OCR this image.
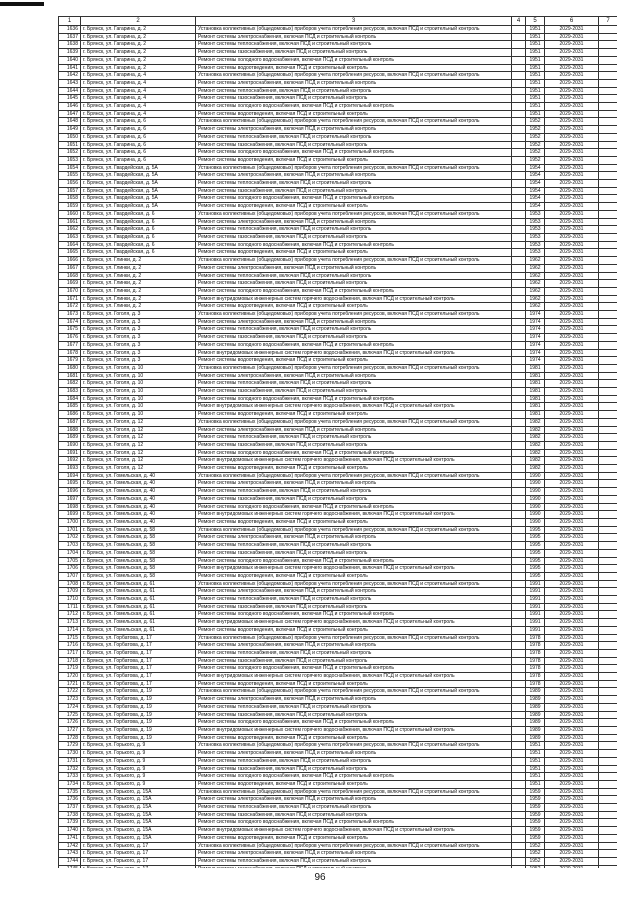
1	2	3	4	5	6	7
1636	г. Брянск, ул. Гагарина, д. 2	Установка коллективных (общедомовых) приборов учета потребления ресурсов, включая ПСД и строительный контроль		1951	2029-2031	
1637	г. Брянск, ул. Гагарина, д. 2	Ремонт системы электроснабжения, включая ПСД и строительный контроль		1951	2029-2031	
1638	г. Брянск, ул. Гагарина, д. 2	Ремонт системы теплоснабжения, включая ПСД и строительный контроль		1951	2029-2031	
1639	г. Брянск, ул. Гагарина, д. 2	Ремонт системы газоснабжения, включая ПСД и строительный контроль		1951	2029-2031	
1640	г. Брянск, ул. Гагарина, д. 2	Ремонт системы холодного водоснабжения, включая ПСД и строительный контроль		1951	2029-2031	
1641	г. Брянск, ул. Гагарина, д. 2	Ремонт системы водоотведения, включая ПСД и строительный контроль		1951	2029-2031	
1642	г. Брянск, ул. Гагарина, д. 4	Установка коллективных (общедомовых) приборов учета потребления ресурсов, включая ПСД и строительный контроль		1951	2029-2031	
1643	г. Брянск, ул. Гагарина, д. 4	Ремонт системы электроснабжения, включая ПСД и строительный контроль		1951	2029-2031	
1644	г. Брянск, ул. Гагарина, д. 4	Ремонт системы теплоснабжения, включая ПСД и строительный контроль		1951	2029-2031	
1645	г. Брянск, ул. Гагарина, д. 4	Ремонт системы газоснабжения, включая ПСД и строительный контроль		1951	2029-2031	
1646	г. Брянск, ул. Гагарина, д. 4	Ремонт системы холодного водоснабжения, включая ПСД и строительный контроль		1951	2029-2031	
1647	г. Брянск, ул. Гагарина, д. 4	Ремонт системы водоотведения, включая ПСД и строительный контроль		1951	2029-2031	
1648	г. Брянск, ул. Гагарина, д. 6	Установка коллективных (общедомовых) приборов учета потребления ресурсов, включая ПСД и строительный контроль		1952	2029-2031	
1649	г. Брянск, ул. Гагарина, д. 6	Ремонт системы электроснабжения, включая ПСД и строительный контроль		1952	2029-2031	
1650	г. Брянск, ул. Гагарина, д. 6	Ремонт системы теплоснабжения, включая ПСД и строительный контроль		1952	2029-2031	
1651	г. Брянск, ул. Гагарина, д. 6	Ремонт системы газоснабжения, включая ПСД и строительный контроль		1952	2029-2031	
1652	г. Брянск, ул. Гагарина, д. 6	Ремонт системы холодного водоснабжения, включая ПСД и строительный контроль		1952	2029-2031	
1653	г. Брянск, ул. Гагарина, д. 6	Ремонт системы водоотведения, включая ПСД и строительный контроль		1952	2029-2031	
1654	г. Брянск, ул. Гвардейская, д. 5А	Установка коллективных (общедомовых) приборов учета потребления ресурсов, включая ПСД и строительный контроль		1954	2029-2031	
1655	г. Брянск, ул. Гвардейская, д. 5А	Ремонт системы электроснабжения, включая ПСД и строительный контроль		1954	2029-2031	
1656	г. Брянск, ул. Гвардейская, д. 5А	Ремонт системы теплоснабжения, включая ПСД и строительный контроль		1954	2029-2031	
1657	г. Брянск, ул. Гвардейская, д. 5А	Ремонт системы газоснабжения, включая ПСД и строительный контроль		1954	2029-2031	
1658	г. Брянск, ул. Гвардейская, д. 5А	Ремонт системы холодного водоснабжения, включая ПСД и строительный контроль		1954	2029-2031	
1659	г. Брянск, ул. Гвардейская, д. 5А	Ремонт системы водоотведения, включая ПСД и строительный контроль		1954	2029-2031	
1660	г. Брянск, ул. Гвардейская, д. 6	Установка коллективных (общедомовых) приборов учета потребления ресурсов, включая ПСД и строительный контроль		1953	2029-2031	
1661	г. Брянск, ул. Гвардейская, д. 6	Ремонт системы электроснабжения, включая ПСД и строительный контроль		1953	2029-2031	
1662	г. Брянск, ул. Гвардейская, д. 6	Ремонт системы теплоснабжения, включая ПСД и строительный контроль		1953	2029-2031	
1663	г. Брянск, ул. Гвардейская, д. 6	Ремонт системы газоснабжения, включая ПСД и строительный контроль		1953	2029-2031	
1664	г. Брянск, ул. Гвардейская, д. 6	Ремонт системы холодного водоснабжения, включая ПСД и строительный контроль		1953	2029-2031	
1665	г. Брянск, ул. Гвардейская, д. 6	Ремонт системы водоотведения, включая ПСД и строительный контроль		1953	2029-2031	
1666	г. Брянск, ул. Глинки, д. 2	Установка коллективных (общедомовых) приборов учета потребления ресурсов, включая ПСД и строительный контроль		1962	2029-2031	
1667	г. Брянск, ул. Глинки, д. 2	Ремонт системы электроснабжения, включая ПСД и строительный контроль		1962	2029-2031	
1668	г. Брянск, ул. Глинки, д. 2	Ремонт системы теплоснабжения, включая ПСД и строительный контроль		1962	2029-2031	
1669	г. Брянск, ул. Глинки, д. 2	Ремонт системы газоснабжения, включая ПСД и строительный контроль		1962	2029-2031	
1670	г. Брянск, ул. Глинки, д. 2	Ремонт системы холодного водоснабжения, включая ПСД и строительный контроль		1962	2029-2031	
1671	г. Брянск, ул. Глинки, д. 2	Ремонт внутридомовых инженерных систем горячего водоснабжения, включая ПСД и строительный контроль		1962	2029-2031	
1672	г. Брянск, ул. Глинки, д. 2	Ремонт системы водоотведения, включая ПСД и строительный контроль		1962	2029-2031	
1673	г. Брянск, ул. Гоголя, д. 3	Установка коллективных (общедомовых) приборов учета потребления ресурсов, включая ПСД и строительный контроль		1974	2029-2031	
1674	г. Брянск, ул. Гоголя, д. 3	Ремонт системы электроснабжения, включая ПСД и строительный контроль		1974	2029-2031	
1675	г. Брянск, ул. Гоголя, д. 3	Ремонт системы теплоснабжения, включая ПСД и строительный контроль		1974	2029-2031	
1676	г. Брянск, ул. Гоголя, д. 3	Ремонт системы газоснабжения, включая ПСД и строительный контроль		1974	2029-2031	
1677	г. Брянск, ул. Гоголя, д. 3	Ремонт системы холодного водоснабжения, включая ПСД и строительный контроль		1974	2029-2031	
1678	г. Брянск, ул. Гоголя, д. 3	Ремонт внутридомовых инженерных систем горячего водоснабжения, включая ПСД и строительный контроль		1974	2029-2031	
1679	г. Брянск, ул. Гоголя, д. 3	Ремонт системы водоотведения, включая ПСД и строительный контроль		1974	2029-2031	
1680	г. Брянск, ул. Гоголя, д. 10	Установка коллективных (общедомовых) приборов учета потребления ресурсов, включая ПСД и строительный контроль		1981	2029-2031	
1681	г. Брянск, ул. Гоголя, д. 10	Ремонт системы электроснабжения, включая ПСД и строительный контроль		1981	2029-2031	
1682	г. Брянск, ул. Гоголя, д. 10	Ремонт системы теплоснабжения, включая ПСД и строительный контроль		1981	2029-2031	
1683	г. Брянск, ул. Гоголя, д. 10	Ремонт системы газоснабжения, включая ПСД и строительный контроль		1981	2029-2031	
1684	г. Брянск, ул. Гоголя, д. 10	Ремонт системы холодного водоснабжения, включая ПСД и строительный контроль		1981	2029-2031	
1685	г. Брянск, ул. Гоголя, д. 10	Ремонт внутридомовых инженерных систем горячего водоснабжения, включая ПСД и строительный контроль		1981	2029-2031	
1686	г. Брянск, ул. Гоголя, д. 10	Ремонт системы водоотведения, включая ПСД и строительный контроль		1981	2029-2031	
1687	г. Брянск, ул. Гоголя, д. 12	Установка коллективных (общедомовых) приборов учета потребления ресурсов, включая ПСД и строительный контроль		1982	2029-2031	
1688	г. Брянск, ул. Гоголя, д. 12	Ремонт системы электроснабжения, включая ПСД и строительный контроль		1982	2029-2031	
1689	г. Брянск, ул. Гоголя, д. 12	Ремонт системы теплоснабжения, включая ПСД и строительный контроль		1982	2029-2031	
1690	г. Брянск, ул. Гоголя, д. 12	Ремонт системы газоснабжения, включая ПСД и строительный контроль		1982	2029-2031	
1691	г. Брянск, ул. Гоголя, д. 12	Ремонт системы холодного водоснабжения, включая ПСД и строительный контроль		1982	2029-2031	
1692	г. Брянск, ул. Гоголя, д. 12	Ремонт внутридомовых инженерных систем горячего водоснабжения, включая ПСД и строительный контроль		1982	2029-2031	
1693	г. Брянск, ул. Гоголя, д. 12	Ремонт системы водоотведения, включая ПСД и строительный контроль		1982	2029-2031	
1694	г. Брянск, ул. Гомельская, д. 40	Установка коллективных (общедомовых) приборов учета потребления ресурсов, включая ПСД и строительный контроль		1990	2029-2031	
1695	г. Брянск, ул. Гомельская, д. 40	Ремонт системы электроснабжения, включая ПСД и строительный контроль		1990	2029-2031	
1696	г. Брянск, ул. Гомельская, д. 40	Ремонт системы теплоснабжения, включая ПСД и строительный контроль		1990	2029-2031	
1697	г. Брянск, ул. Гомельская, д. 40	Ремонт системы газоснабжения, включая ПСД и строительный контроль		1990	2029-2031	
1698	г. Брянск, ул. Гомельская, д. 40	Ремонт системы холодного водоснабжения, включая ПСД и строительный контроль		1990	2029-2031	
1699	г. Брянск, ул. Гомельская, д. 40	Ремонт внутридомовых инженерных систем горячего водоснабжения, включая ПСД и строительный контроль		1990	2029-2031	
1700	г. Брянск, ул. Гомельская, д. 40	Ремонт системы водоотведения, включая ПСД и строительный контроль		1990	2029-2031	
1701	г. Брянск, ул. Гомельская, д. 58	Установка коллективных (общедомовых) приборов учета потребления ресурсов, включая ПСД и строительный контроль		1995	2029-2031	
1702	г. Брянск, ул. Гомельская, д. 58	Ремонт системы электроснабжения, включая ПСД и строительный контроль		1995	2029-2031	
1703	г. Брянск, ул. Гомельская, д. 58	Ремонт системы теплоснабжения, включая ПСД и строительный контроль		1995	2029-2031	
1704	г. Брянск, ул. Гомельская, д. 58	Ремонт системы газоснабжения, включая ПСД и строительный контроль		1995	2029-2031	
1705	г. Брянск, ул. Гомельская, д. 58	Ремонт системы холодного водоснабжения, включая ПСД и строительный контроль		1995	2029-2031	
1706	г. Брянск, ул. Гомельская, д. 58	Ремонт внутридомовых инженерных систем горячего водоснабжения, включая ПСД и строительный контроль		1995	2029-2031	
1707	г. Брянск, ул. Гомельская, д. 58	Ремонт системы водоотведения, включая ПСД и строительный контроль		1995	2029-2031	
1708	г. Брянск, ул. Гомельская, д. 61	Установка коллективных (общедомовых) приборов учета потребления ресурсов, включая ПСД и строительный контроль		1991	2029-2031	
1709	г. Брянск, ул. Гомельская, д. 61	Ремонт системы электроснабжения, включая ПСД и строительный контроль		1991	2029-2031	
1710	г. Брянск, ул. Гомельская, д. 61	Ремонт системы теплоснабжения, включая ПСД и строительный контроль		1991	2029-2031	
1711	г. Брянск, ул. Гомельская, д. 61	Ремонт системы газоснабжения, включая ПСД и строительный контроль		1991	2029-2031	
1712	г. Брянск, ул. Гомельская, д. 61	Ремонт системы холодного водоснабжения, включая ПСД и строительный контроль		1991	2029-2031	
1713	г. Брянск, ул. Гомельская, д. 61	Ремонт внутридомовых инженерных систем горячего водоснабжения, включая ПСД и строительный контроль		1991	2029-2031	
1714	г. Брянск, ул. Гомельская, д. 61	Ремонт системы водоотведения, включая ПСД и строительный контроль		1991	2029-2031	
1715	г. Брянск, ул. Горбатова, д. 17	Установка коллективных (общедомовых) приборов учета потребления ресурсов, включая ПСД и строительный контроль		1978	2029-2031	
1716	г. Брянск, ул. Горбатова, д. 17	Ремонт системы электроснабжения, включая ПСД и строительный контроль		1978	2029-2031	
1717	г. Брянск, ул. Горбатова, д. 17	Ремонт системы теплоснабжения, включая ПСД и строительный контроль		1978	2029-2031	
1718	г. Брянск, ул. Горбатова, д. 17	Ремонт системы газоснабжения, включая ПСД и строительный контроль		1978	2029-2031	
1719	г. Брянск, ул. Горбатова, д. 17	Ремонт системы холодного водоснабжения, включая ПСД и строительный контроль		1978	2029-2031	
1720	г. Брянск, ул. Горбатова, д. 17	Ремонт внутридомовых инженерных систем горячего водоснабжения, включая ПСД и строительный контроль		1978	2029-2031	
1721	г. Брянск, ул. Горбатова, д. 17	Ремонт системы водоотведения, включая ПСД и строительный контроль		1978	2029-2031	
1722	г. Брянск, ул. Горбатова, д. 19	Установка коллективных (общедомовых) приборов учета потребления ресурсов, включая ПСД и строительный контроль		1989	2029-2031	
1723	г. Брянск, ул. Горбатова, д. 19	Ремонт системы электроснабжения, включая ПСД и строительный контроль		1989	2029-2031	
1724	г. Брянск, ул. Горбатова, д. 19	Ремонт системы теплоснабжения, включая ПСД и строительный контроль		1989	2029-2031	
1725	г. Брянск, ул. Горбатова, д. 19	Ремонт системы газоснабжения, включая ПСД и строительный контроль		1989	2029-2031	
1726	г. Брянск, ул. Горбатова, д. 19	Ремонт системы холодного водоснабжения, включая ПСД и строительный контроль		1989	2029-2031	
1727	г. Брянск, ул. Горбатова, д. 19	Ремонт внутридомовых инженерных систем горячего водоснабжения, включая ПСД и строительный контроль		1989	2029-2031	
1728	г. Брянск, ул. Горбатова, д. 19	Ремонт системы водоотведения, включая ПСД и строительный контроль		1989	2029-2031	
1729	г. Брянск, ул. Горького, д. 9	Установка коллективных (общедомовых) приборов учета потребления ресурсов, включая ПСД и строительный контроль		1951	2029-2031	
1730	г. Брянск, ул. Горького, д. 9	Ремонт системы электроснабжения, включая ПСД и строительный контроль		1951	2029-2031	
1731	г. Брянск, ул. Горького, д. 9	Ремонт системы теплоснабжения, включая ПСД и строительный контроль		1951	2029-2031	
1732	г. Брянск, ул. Горького, д. 9	Ремонт системы газоснабжения, включая ПСД и строительный контроль		1951	2029-2031	
1733	г. Брянск, ул. Горького, д. 9	Ремонт системы холодного водоснабжения, включая ПСД и строительный контроль		1951	2029-2031	
1734	г. Брянск, ул. Горького, д. 9	Ремонт системы водоотведения, включая ПСД и строительный контроль		1951	2029-2031	
1735	г. Брянск, ул. Горького, д. 15А	Установка коллективных (общедомовых) приборов учета потребления ресурсов, включая ПСД и строительный контроль		1959	2029-2031	
1736	г. Брянск, ул. Горького, д. 15А	Ремонт системы электроснабжения, включая ПСД и строительный контроль		1959	2029-2031	
1737	г. Брянск, ул. Горького, д. 15А	Ремонт системы теплоснабжения, включая ПСД и строительный контроль		1959	2029-2031	
1738	г. Брянск, ул. Горького, д. 15А	Ремонт системы газоснабжения, включая ПСД и строительный контроль		1959	2029-2031	
1739	г. Брянск, ул. Горького, д. 15А	Ремонт системы холодного водоснабжения, включая ПСД и строительный контроль		1959	2029-2031	
1740	г. Брянск, ул. Горького, д. 15А	Ремонт внутридомовых инженерных систем горячего водоснабжения, включая ПСД и строительный контроль		1959	2029-2031	
1741	г. Брянск, ул. Горького, д. 15А	Ремонт системы водоотведения, включая ПСД и строительный контроль		1959	2029-2031	
1742	г. Брянск, ул. Горького, д. 17	Установка коллективных (общедомовых) приборов учета потребления ресурсов, включая ПСД и строительный контроль		1952	2029-2031	
1743	г. Брянск, ул. Горького, д. 17	Ремонт системы электроснабжения, включая ПСД и строительный контроль		1952	2029-2031	
1744	г. Брянск, ул. Горького, д. 17	Ремонт системы теплоснабжения, включая ПСД и строительный контроль		1952	2029-2031	

96
